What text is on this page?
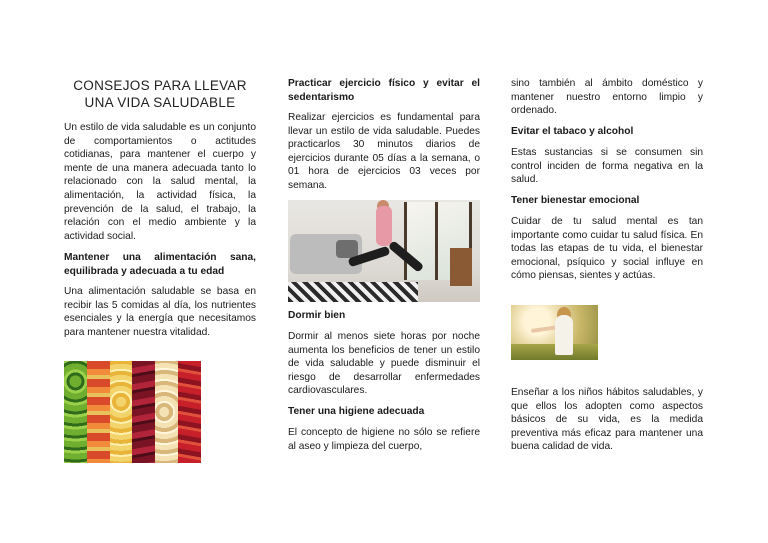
CONSEJOS PARA LLEVAR UNA VIDA SALUDABLE

Un estilo de vida saludable es un conjunto de comportamientos o actitudes cotidianas, para mantener el cuerpo y mente de una manera adecuada tanto lo relacionado con la salud mental, la alimentación, la actividad física, la prevención de la salud, el trabajo, la relación con el medio ambiente y la actividad social.

Mantener una alimentación sana, equilibrada y adecuada a tu edad

Una alimentación saludable se basa en recibir las 5 comidas al día, los nutrientes esenciales y la energía que necesitamos para mantener nuestra vitalidad.

Practicar ejercicio físico y evitar el sedentarismo

Realizar ejercicios es fundamental para llevar un estilo de vida saludable. Puedes practicarlos 30 minutos diarios de ejercicios durante 05 días a la semana, o 01 hora de ejercicios 03 veces por semana.

Dormir bien

Dormir al menos siete horas por noche aumenta los beneficios de tener un estilo de vida saludable y puede disminuir el riesgo de desarrollar enfermedades cardiovasculares.

Tener una higiene adecuada

El concepto de higiene no sólo se refiere al aseo y limpieza del cuerpo,

sino también al ámbito doméstico y mantener nuestro entorno limpio y ordenado.

Evitar el tabaco y alcohol

Estas sustancias si se consumen sin control inciden de forma negativa en la salud.

Tener bienestar emocional

Cuidar de tu salud mental es tan importante como cuidar tu salud física. En todas las etapas de tu vida, el bienestar emocional, psíquico y social influye en cómo piensas, sientes y actúas.

Enseñar a los niños hábitos saludables, y que ellos los adopten como aspectos básicos de su vida, es la medida preventiva más eficaz para mantener una buena calidad de vida.
